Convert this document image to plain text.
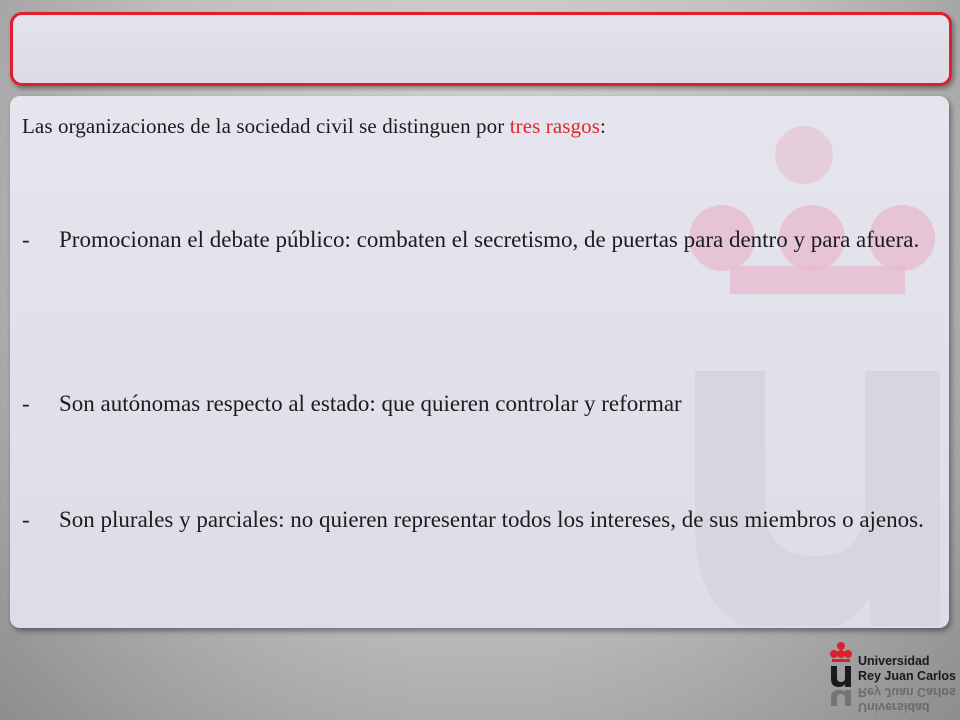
Las organizaciones de la sociedad civil se distinguen por tres rasgos:
- Promocionan el debate público: combaten el secretismo, de puertas para dentro y para afuera.
- Son autónomas respecto al estado: que quieren controlar y reformar
- Son plurales y parciales: no quieren representar todos los intereses, de sus miembros o ajenos.
Universidad
Rey Juan Carlos
Universidad
Rey Juan Carlos
